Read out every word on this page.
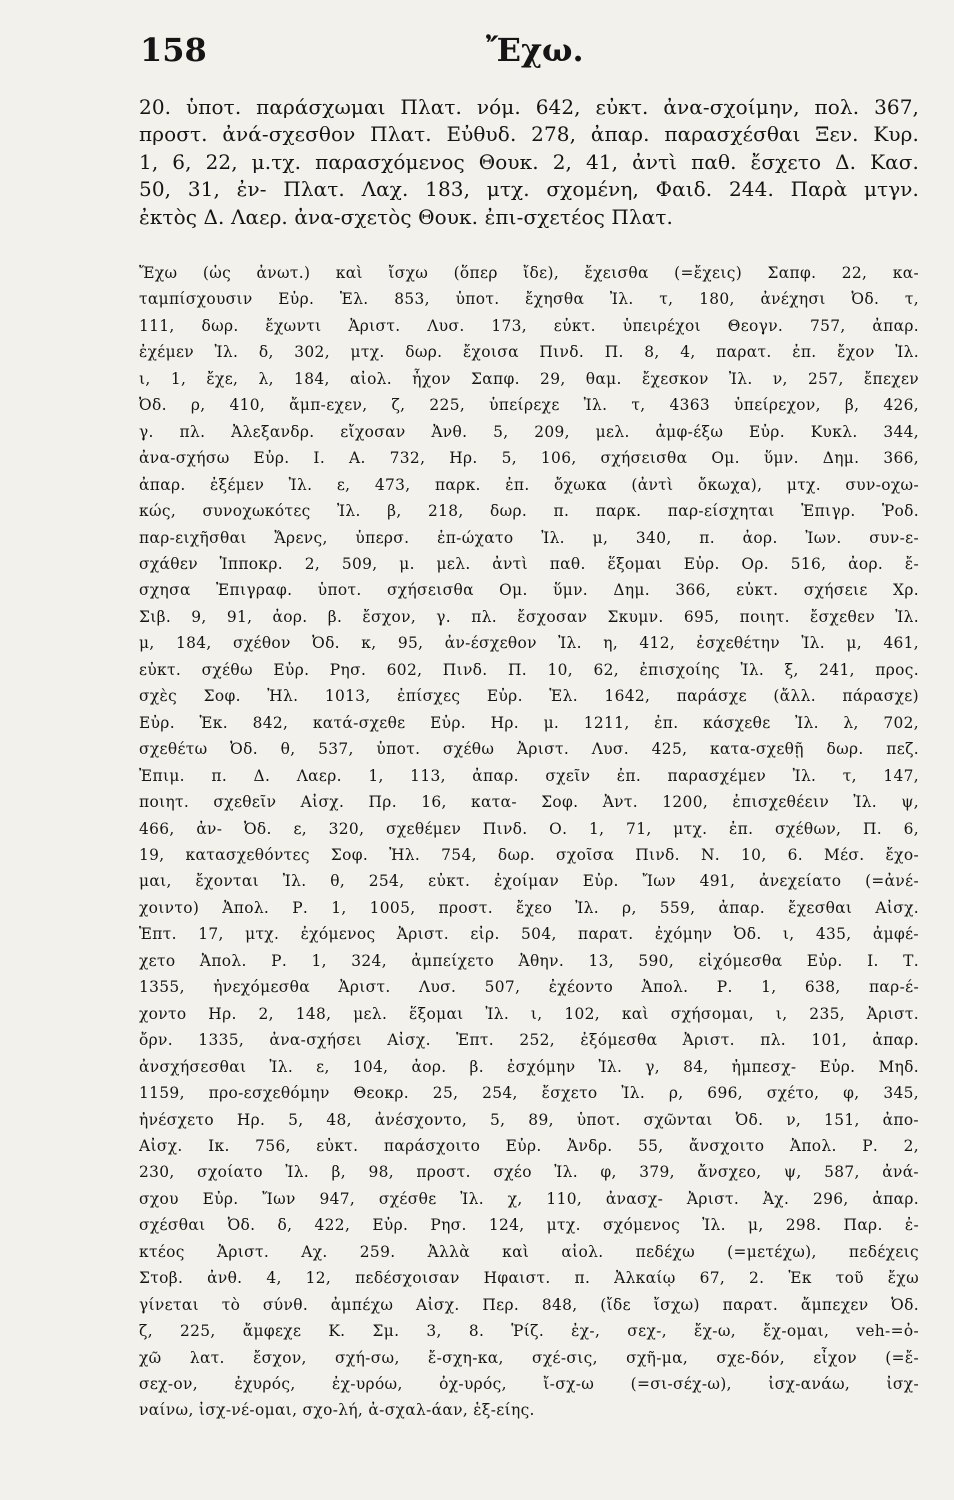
158	Ἔχω.
20. ὑποτ. παράσχωμαι Πλατ. νόμ. 642, εὐκτ. ἀνα-σχοίμην, πολ. 367,
προστ. ἀνά-σχεσθον Πλατ. Εὐθυδ. 278, ἀπαρ. παρασχέσθαι Ξεν. Κυρ.
1, 6, 22, μ.τχ. παρασχόμενος Θουκ. 2, 41, ἀντὶ παθ. ἔσχετο Δ. Κασ.
50, 31, ἐν- Πλατ. Λαχ. 183, μτχ. σχομένη, Φαιδ. 244. Παρὰ μτγν.
ἐκτὸς Δ. Λαερ. ἀνα-σχετὸς Θουκ. ἐπι-σχετέος Πλατ.
Ἔχω (ὡς ἀνωτ.) καὶ ἴσχω (ὅπερ ἴδε), ἔχεισθα (=ἔχεις) Σαπφ. 22, κα-
ταμπίσχουσιν Εὐρ. Ἑλ. 853, ὑποτ. ἔχησθα Ἰλ. τ, 180, ἀνέχησι Ὀδ. τ,
111, δωρ. ἔχωντι Ἀριστ. Λυσ. 173, εὐκτ. ὑπειρέχοι Θεογν. 757, ἀπαρ.
ἐχέμεν Ἰλ. δ, 302, μτχ. δωρ. ἔχοισα Πινδ. Π. 8, 4, παρατ. ἐπ. ἔχον Ἰλ.
ι, 1, ἔχε, λ, 184, αἰολ. ἦχον Σαπφ. 29, θαμ. ἔχεσκον Ἰλ. ν, 257, ἔπεχεν
Ὀδ. ρ, 410, ἄμπ-εχεν, ζ, 225, ὑπείρεχε Ἰλ. τ, 4363 ὑπείρεχον, β, 426,
γ. πλ. Ἀλεξανδρ. εἴχοσαν Ἀνθ. 5, 209, μελ. ἀμφ-έξω Εὐρ. Κυκλ. 344,
ἀνα-σχήσω Εὐρ. Ι. Α. 732, Ηρ. 5, 106, σχήσεισθα Ομ. ὕμν. Δημ. 366,
ἀπαρ. ἐξέμεν Ἰλ. ε, 473, παρκ. ἐπ. ὄχωκα (ἀντὶ ὄκωχα), μτχ. συν-οχω-
κώς, συνοχωκότες Ἰλ. β, 218, δωρ. π. παρκ. παρ-είσχηται Ἐπιγρ. Ῥοδ.
παρ-ειχῆσθαι Ἄρενς, ὑπερσ. ἐπ-ώχατο Ἰλ. μ, 340, π. ἀορ. Ἰων. συν-ε-
σχάθεν Ἱπποκρ. 2, 509, μ. μελ. ἀντὶ παθ. ἕξομαι Εὐρ. Ορ. 516, ἀορ. ἔ-
σχησα Ἐπιγραφ. ὑποτ. σχήσεισθα Ομ. ὕμν. Δημ. 366, εὐκτ. σχήσειε Χρ.
Σιβ. 9, 91, ἀορ. β. ἔσχον, γ. πλ. ἔσχοσαν Σκυμν. 695, ποιητ. ἔσχεθεν Ἰλ.
μ, 184, σχέθον Ὀδ. κ, 95, ἀν-έσχεθον Ἰλ. η, 412, ἐσχεθέτην Ἰλ. μ, 461,
εὐκτ. σχέθω Εὐρ. Ρησ. 602, Πινδ. Π. 10, 62, ἐπισχοίης Ἰλ. ξ, 241, προς.
σχὲς Σοφ. Ἠλ. 1013, ἐπίσχες Εὐρ. Ἑλ. 1642, παράσχε (ἄλλ. πάρασχε)
Εὐρ. Ἑκ. 842, κατά-σχεθε Εὐρ. Ηρ. μ. 1211, ἐπ. κάσχεθε Ἰλ. λ, 702,
σχεθέτω Ὀδ. θ, 537, ὑποτ. σχέθω Ἀριστ. Λυσ. 425, κατα-σχεθῇ δωρ. πεζ.
Ἐπιμ. π. Δ. Λαερ. 1, 113, ἀπαρ. σχεῖν ἐπ. παρασχέμεν Ἰλ. τ, 147,
ποιητ. σχεθεῖν Αἰσχ. Πρ. 16, κατα- Σοφ. Ἀντ. 1200, ἐπισχεθέειν Ἰλ. ψ,
466, ἀν- Ὀδ. ε, 320, σχεθέμεν Πινδ. Ο. 1, 71, μτχ. ἐπ. σχέθων, Π. 6,
19, κατασχεθόντες Σοφ. Ἠλ. 754, δωρ. σχοῖσα Πινδ. Ν. 10, 6. Μέσ. ἔχο-
μαι, ἔχονται Ἰλ. θ, 254, εὐκτ. ἐχοίμαν Εὐρ. Ἴων 491, ἀνεχείατο (=ἀνέ-
χοιντο) Ἀπολ. Ρ. 1, 1005, προστ. ἔχεο Ἰλ. ρ, 559, ἀπαρ. ἔχεσθαι Αἰσχ.
Ἑπτ. 17, μτχ. ἐχόμενος Ἀριστ. εἰρ. 504, παρατ. ἐχόμην Ὀδ. ι, 435, ἀμφέ-
χετο Ἀπολ. Ρ. 1, 324, ἀμπείχετο Ἀθην. 13, 590, εἰχόμεσθα Εὐρ. Ι. Τ.
1355, ἠνεχόμεσθα Ἀριστ. Λυσ. 507, ἐχέοντο Ἀπολ. Ρ. 1, 638, παρ-έ-
χοντο Ηρ. 2, 148, μελ. ἕξομαι Ἰλ. ι, 102, καὶ σχήσομαι, ι, 235, Ἀριστ.
ὄρν. 1335, ἀνα-σχήσει Αἰσχ. Ἑπτ. 252, ἐξόμεσθα Ἀριστ. πλ. 101, ἀπαρ.
ἀνσχήσεσθαι Ἰλ. ε, 104, ἀορ. β. ἐσχόμην Ἰλ. γ, 84, ἠμπεσχ- Εὐρ. Μηδ.
1159, προ-εσχεθόμην Θεοκρ. 25, 254, ἔσχετο Ἰλ. ρ, 696, σχέτο, φ, 345,
ἠνέσχετο Ηρ. 5, 48, ἀνέσχοντο, 5, 89, ὑποτ. σχῶνται Ὀδ. ν, 151, ἀπο-
Αἰσχ. Ικ. 756, εὐκτ. παράσχοιτο Εὐρ. Ἀνδρ. 55, ἄνσχοιτο Ἀπολ. Ρ. 2,
230, σχοίατο Ἰλ. β, 98, προστ. σχέο Ἰλ. φ, 379, ἄνσχεο, ψ, 587, ἀνά-
σχου Εὐρ. Ἴων 947, σχέσθε Ἰλ. χ, 110, ἀνασχ- Ἀριστ. Ἀχ. 296, ἀπαρ.
σχέσθαι Ὀδ. δ, 422, Εὐρ. Ρησ. 124, μτχ. σχόμενος Ἰλ. μ, 298. Παρ. ἐ-
κτέος Ἀριστ. Αχ. 259. Ἀλλὰ καὶ αἰολ. πεδέχω (=μετέχω), πεδέχεις
Στοβ. ἀνθ. 4, 12, πεδέσχοισαν Ηφαιστ. π. Ἀλκαίῳ 67, 2. Ἐκ τοῦ ἔχω
γίνεται τὸ σύνθ. ἀμπέχω Αἰσχ. Περ. 848, (ἴδε ἴσχω) παρατ. ἄμπεχεν Ὀδ.
ζ, 225, ἄμφεχε Κ. Σμ. 3, 8. Ῥίζ. ἐχ-, σεχ-, ἔχ-ω, ἔχ-ομαι, veh-=ὀ-
χῶ λατ. ἔσχον, σχή-σω, ἔ-σχη-κα, σχέ-σις, σχῆ-μα, σχε-δόν, εἶχον (=ἔ-
σεχ-ον, ἐχυρός, ἐχ-υρόω, ὀχ-υρός, ἴ-σχ-ω (=σι-σέχ-ω), ἰσχ-ανάω, ἰσχ-
ναίνω, ἰσχ-νέ-ομαι, σχο-λή, ἀ-σχαλ-άαν, ἑξ-είης.
